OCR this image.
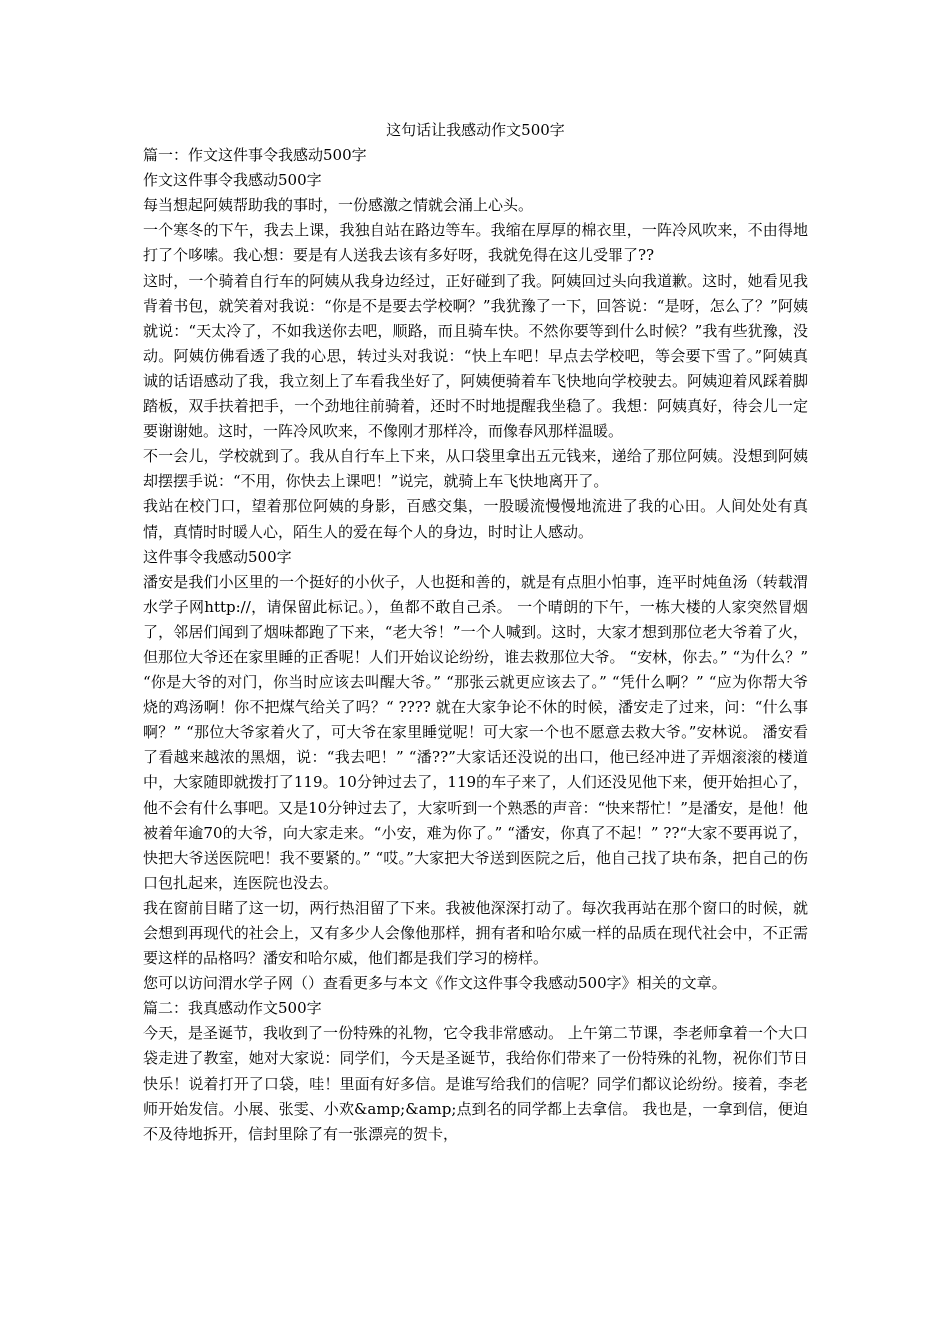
这句话让我感动作文500字
篇一：作文这件事令我感动500字
作文这件事令我感动500字
每当想起阿姨帮助我的事时，一份感激之情就会涌上心头。
一个寒冬的下午，我去上课，我独自站在路边等车。我缩在厚厚的棉衣里，一阵冷风吹来，不由得地打了个哆嗦。我心想：要是有人送我去该有多好呀，我就免得在这儿受罪了??
这时，一个骑着自行车的阿姨从我身边经过，正好碰到了我。阿姨回过头向我道歉。这时，她看见我背着书包，就笑着对我说：“你是不是要去学校啊？”我犹豫了一下，回答说：“是呀，怎么了？”阿姨就说：“天太冷了，不如我送你去吧，顺路，而且骑车快。不然你要等到什么时候？”我有些犹豫，没动。阿姨仿佛看透了我的心思，转过头对我说：“快上车吧！早点去学校吧，等会要下雪了。”阿姨真诚的话语感动了我，我立刻上了车看我坐好了，阿姨便骑着车飞快地向学校驶去。阿姨迎着风踩着脚踏板，双手扶着把手，一个劲地往前骑着，还时不时地提醒我坐稳了。我想：阿姨真好，待会儿一定要谢谢她。这时，一阵冷风吹来，不像刚才那样冷，而像春风那样温暖。
不一会儿，学校就到了。我从自行车上下来，从口袋里拿出五元钱来，递给了那位阿姨。没想到阿姨却摆摆手说：“不用，你快去上课吧！”说完，就骑上车飞快地离开了。
我站在校门口，望着那位阿姨的身影，百感交集，一股暖流慢慢地流进了我的心田。人间处处有真情，真情时时暖人心，陌生人的爱在每个人的身边，时时让人感动。
这件事令我感动500字
潘安是我们小区里的一个挺好的小伙子，人也挺和善的，就是有点胆小怕事，连平时炖鱼汤（转载渭水学子网http://，请保留此标记。），鱼都不敢自己杀。 一个晴朗的下午，一栋大楼的人家突然冒烟了，邻居们闻到了烟味都跑了下来，“老大爷！”一个人喊到。这时，大家才想到那位老大爷着了火，但那位大爷还在家里睡的正香呢！人们开始议论纷纷，谁去救那位大爷。 “安林，你去。” “为什么？” “你是大爷的对门，你当时应该去叫醒大爷。” “那张云就更应该去了。” “凭什么啊？” “应为你帮大爷烧的鸡汤啊！你不把煤气给关了吗？“ ???? 就在大家争论不休的时候，潘安走了过来，问：“什么事啊？” “那位大爷家着火了，可大爷在家里睡觉呢！可大家一个也不愿意去救大爷。”安林说。 潘安看了看越来越浓的黑烟，说：“我去吧！” “潘??”大家话还没说的出口，他已经冲进了弄烟滚滚的楼道中，大家随即就拨打了119。10分钟过去了，119的车子来了，人们还没见他下来，便开始担心了，他不会有什么事吧。又是10分钟过去了，大家听到一个熟悉的声音：“快来帮忙！”是潘安，是他！他被着年逾70的大爷，向大家走来。“小安，难为你了。” “潘安，你真了不起！” ??“大家不要再说了，快把大爷送医院吧！我不要紧的。” “哎。”大家把大爷送到医院之后，他自己找了块布条，把自己的伤口包扎起来，连医院也没去。
我在窗前目睹了这一切，两行热泪留了下来。我被他深深打动了。每次我再站在那个窗口的时候，就会想到再现代的社会上，又有多少人会像他那样，拥有者和哈尔威一样的品质在现代社会中，不正需要这样的品格吗？潘安和哈尔威，他们都是我们学习的榜样。
您可以访问渭水学子网（）查看更多与本文《作文这件事令我感动500字》相关的文章。
篇二：我真感动作文500字
今天，是圣诞节，我收到了一份特殊的礼物，它令我非常感动。 上午第二节课，李老师拿着一个大口袋走进了教室，她对大家说：同学们，今天是圣诞节，我给你们带来了一份特殊的礼物，祝你们节日快乐！说着打开了口袋，哇！里面有好多信。是谁写给我们的信呢？同学们都议论纷纷。接着，李老师开始发信。小展、张雯、小欢&amp;&amp;点到名的同学都上去拿信。 我也是，一拿到信，便迫不及待地拆开，信封里除了有一张漂亮的贺卡，
